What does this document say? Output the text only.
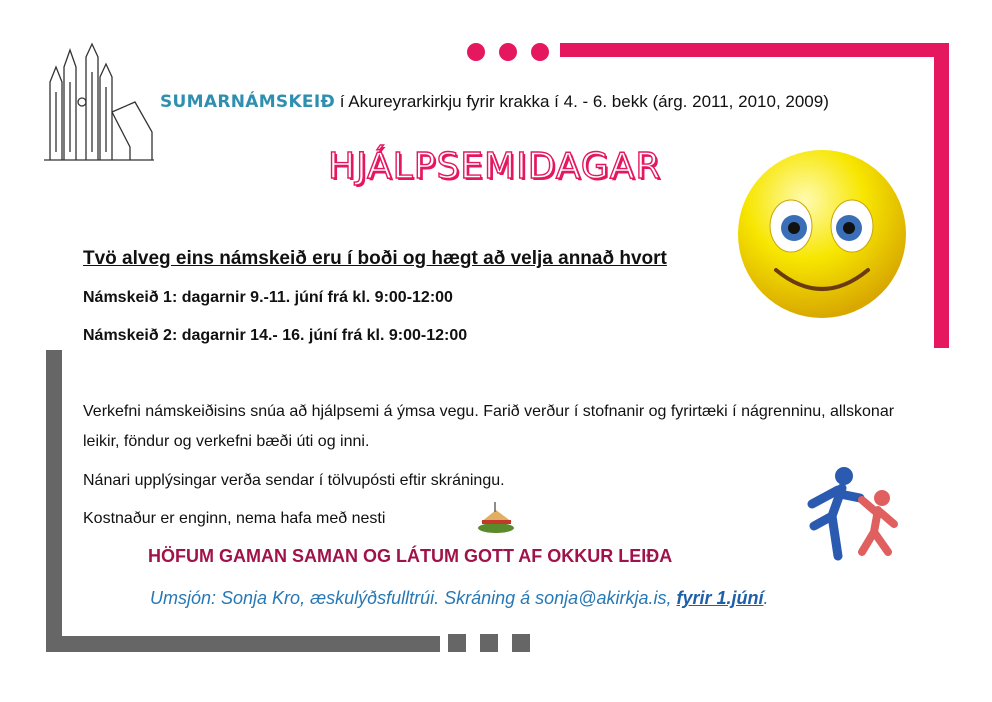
SUMARNÁMSKEIÐ í Akureyrarkirkju fyrir krakka í 4. - 6. bekk (árg. 2011, 2010, 2009)
HJÁLPSEMIDAGAR
Tvö alveg eins námskeið eru í boði og hægt að velja annað hvort
Námskeið 1: dagarnir 9.-11. júní frá kl. 9:00-12:00
Námskeið 2: dagarnir 14.- 16. júní frá kl. 9:00-12:00
Verkefni námskeiðisins snúa að hjálpsemi á ýmsa vegu. Farið verður í stofnanir og fyrirtæki í nágrenninu, allskonar leikir, föndur og verkefni bæði úti og inni.
Nánari upplýsingar verða sendar í tölvupósti eftir skráningu.
Kostnaður er enginn, nema hafa með nesti
HÖFUM GAMAN SAMAN OG LÁTUM GOTT AF OKKUR LEIÐA
Umsjón: Sonja Kro, æskulýðsfulltrúi. Skráning á sonja@akirkja.is, fyrir 1.júní.
